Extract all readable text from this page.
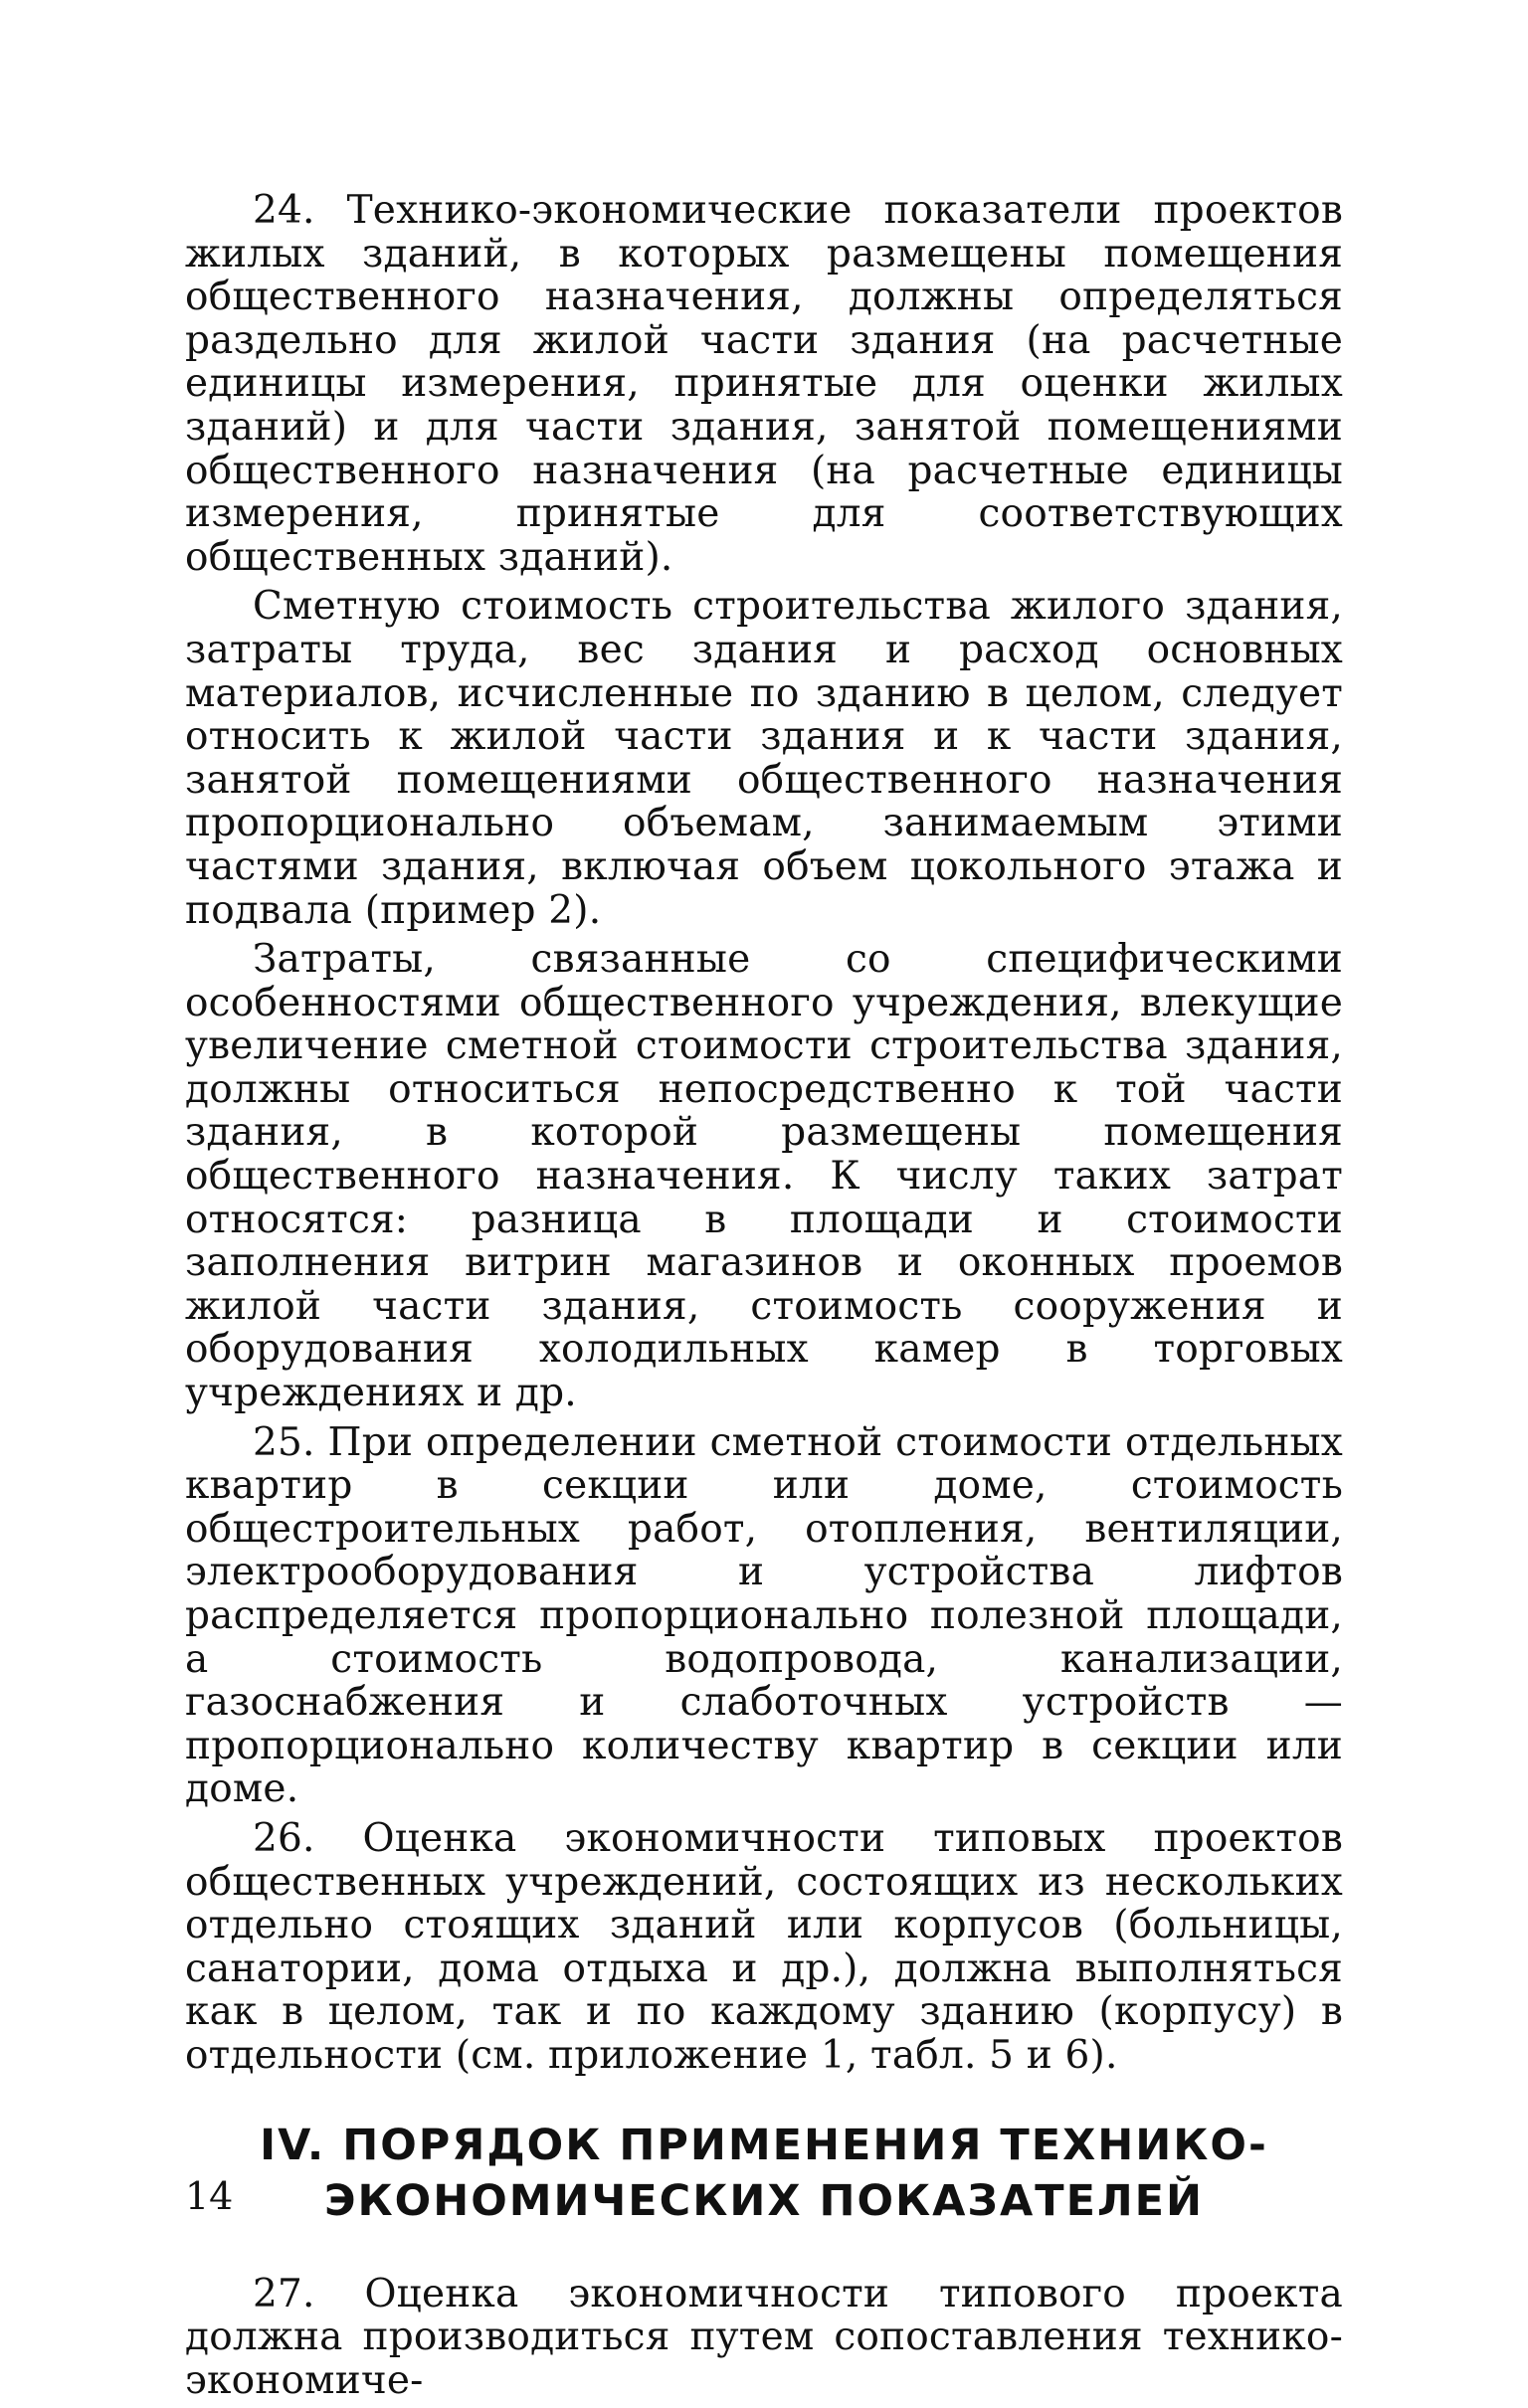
24. Технико-экономические показатели проектов жилых зданий, в которых размещены помещения общественного назначения, должны определяться раздельно для жилой части здания (на расчетные единицы измерения, принятые для оценки жилых зданий) и для части здания, занятой помещениями общественного назначения (на расчетные единицы измерения, принятые для соответствующих общественных зданий).

Сметную стоимость строительства жилого здания, затраты труда, вес здания и расход основных материалов, исчисленные по зданию в целом, следует относить к жилой части здания и к части здания, занятой помещениями общественного назначения пропорционально объемам, занимаемым этими частями здания, включая объем цокольного этажа и подвала (пример 2).

Затраты, связанные со специфическими особенностями общественного учреждения, влекущие увеличение сметной стоимости строительства здания, должны относиться непосредственно к той части здания, в которой размещены помещения общественного назначения. К числу таких затрат относятся: разница в площади и стоимости заполнения витрин магазинов и оконных проемов жилой части здания, стоимость сооружения и оборудования холодильных камер в торговых учреждениях и др.

25. При определении сметной стоимости отдельных квартир в секции или доме, стоимость общестроительных работ, отопления, вентиляции, электрооборудования и устройства лифтов распределяется пропорционально полезной площади, а стоимость водопровода, канализации, газоснабжения и слаботочных устройств — пропорционально количеству квартир в секции или доме.

26. Оценка экономичности типовых проектов общественных учреждений, состоящих из нескольких отдельно стоящих зданий или корпусов (больницы, санатории, дома отдыха и др.), должна выполняться как в целом, так и по каждому зданию (корпусу) в отдельности (см. приложение 1, табл. 5 и 6).

IV. ПОРЯДОК ПРИМЕНЕНИЯ ТЕХНИКО-
ЭКОНОМИЧЕСКИХ ПОКАЗАТЕЛЕЙ

27. Оценка экономичности типового проекта должна производиться путем сопоставления технико-экономиче-

14
